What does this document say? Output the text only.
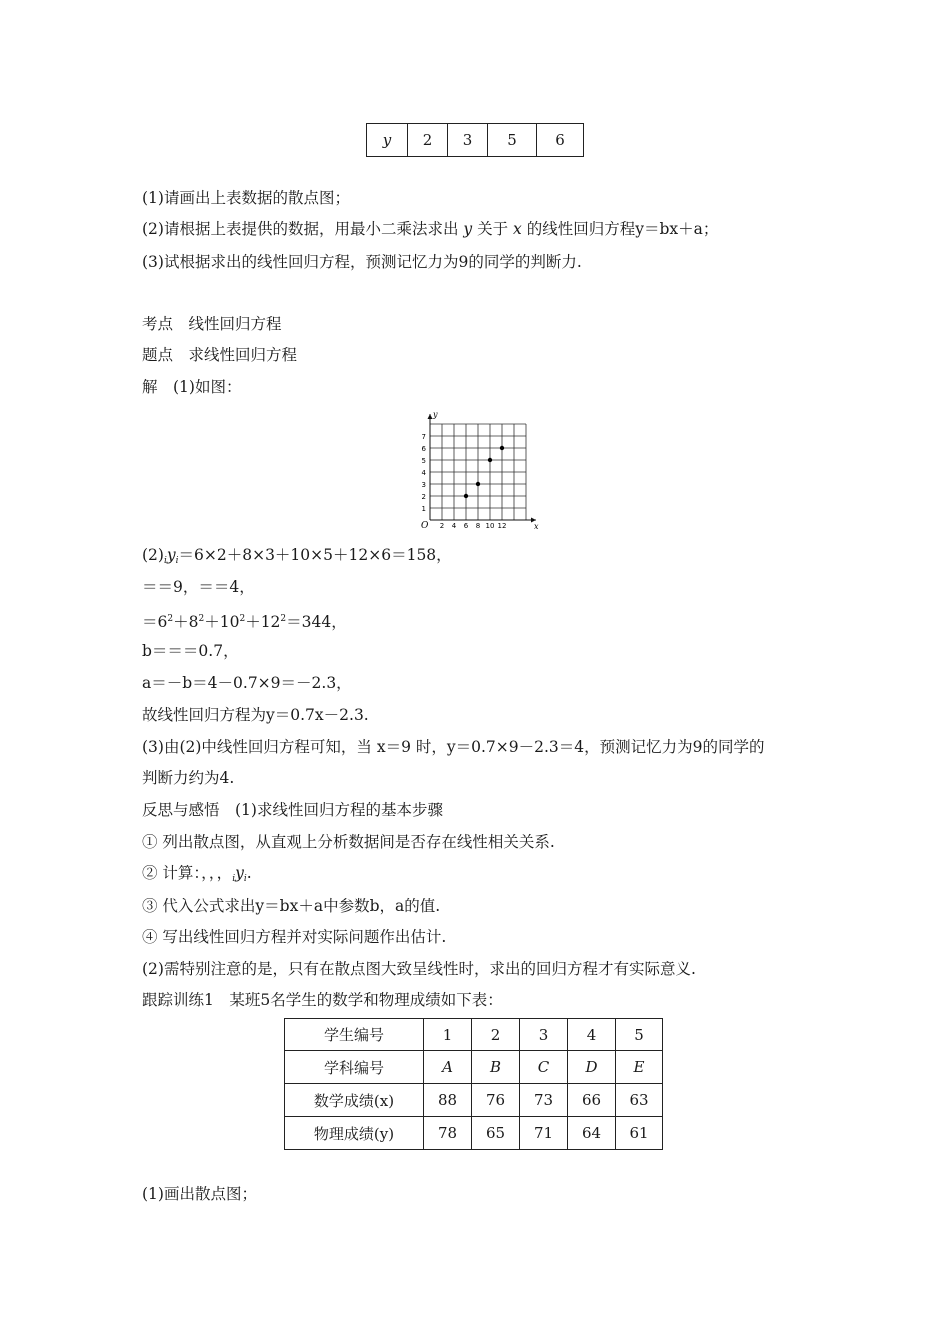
y	2	3	5	6
(1)请画出上表数据的散点图；
(2)请根据上表提供的数据，用最小二乘法求出 y 关于 x 的线性回归方程y＝bx＋a；
(3)试根据求出的线性回归方程，预测记忆力为9的同学的判断力.
考点　线性回归方程
题点　求线性回归方程
解　(1)如图：
x
y
O 2 4 6 8 10 12
1
2
3
4
5
6
7
$(2)_iy_i=6\times 2+8\times 3+10\times 5+12\times 6=158$，
＝＝9，＝＝4，
$=6^2+8^2+10^2+12^2=344$，
b＝＝＝0.7，
a＝－b＝4－0.7×9＝－2.3，
故线性回归方程为y＝0.7x－2.3.
(3)由(2)中线性回归方程可知，当 x＝9 时，y＝0.7×9－2.3＝4，预测记忆力为9的同学的
判断力约为4.
反思与感悟　(1)求线性回归方程的基本步骤
① 列出散点图，从直观上分析数据间是否存在线性相关关系.
② 计算：，，，$_iy_i$.
③ 代入公式求出y＝bx＋a中参数b，a的值.
④ 写出线性回归方程并对实际问题作出估计.
(2)需特别注意的是，只有在散点图大致呈线性时，求出的回归方程才有实际意义.
跟踪训练1　某班5名学生的数学和物理成绩如下表：
学生编号	1	2	3	4	5
学科编号	A	B	C	D	E
数学成绩(x)	88	76	73	66	63
物理成绩(y)	78	65	71	64	61
(1)画出散点图；
